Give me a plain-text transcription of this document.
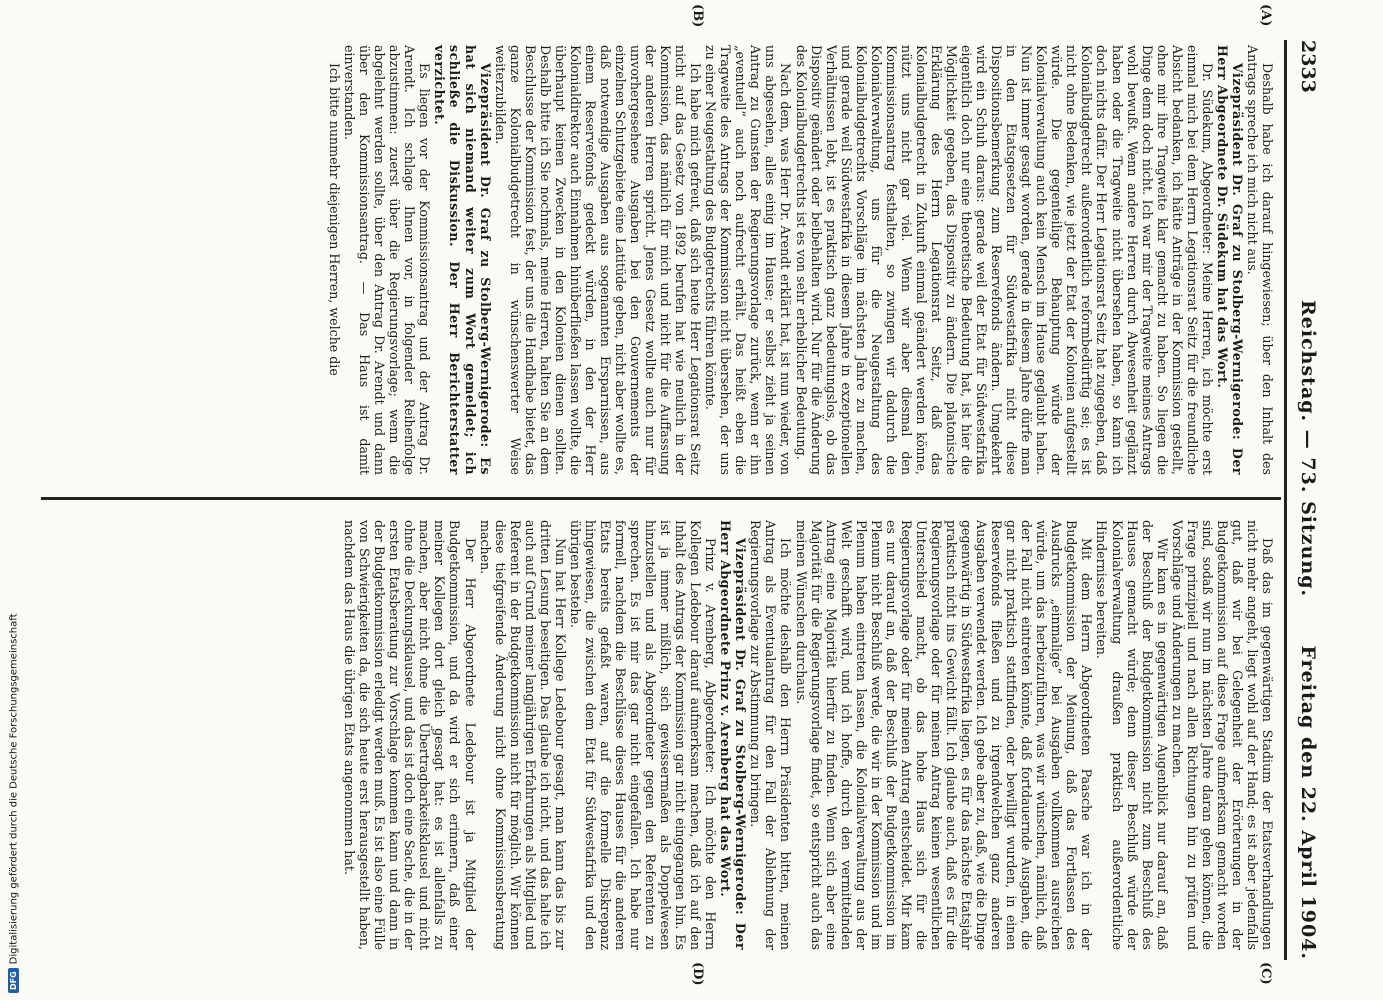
2333
Reichstag. — 73. Sitzung.
Freitag den 22. April 1904.
(A)
(B)
(C)
(D)

Deshalb habe ich darauf hingewiesen; über den Inhalt des Antrags spreche ich mich nicht aus.

Vizepräsident Dr. Graf zu Stolberg-Wernigerode: Der Herr Abgeordnete Dr. Südekum hat das Wort.

Dr. Südekum, Abgeordneter: Meine Herren, ich möchte erst einmal mich bei dem Herrn Legationsrat Seitz für die freundliche Absicht bedanken, ich hätte Anträge in der Kommission gestellt, ohne mir ihre Tragweite klar gemacht zu haben. So liegen die Dinge denn doch nicht. Ich war mir der Tragweite meines Antrags wohl bewußt. Wenn andere Herren durch Abwesenheit geglänzt haben oder die Tragweite nicht übersehen haben, so kann ich doch nichts dafür. Der Herr Legationsrat Seitz hat zugegeben, daß Kolonialbudgetrecht außerordentlich reformbedürftig sei; es ist nicht ohne Bedenken, wie jetzt der Etat der Kolonien aufgestellt würde. Die gegenteilige Behauptung würde der Kolonialverwaltung auch kein Mensch im Hause geglaubt haben. Nun ist immer gesagt worden, gerade in diesem Jahre dürfe man in den Etatsgesetzen für Südwestafrika nicht diese Dispositionsbemerkung zum Reservefonds ändern. Umgekehrt wird ein Schuh daraus: gerade weil der Etat für Südwestafrika eigentlich doch nur eine theoretische Bedeutung hat, ist hier die Möglichkeit gegeben, das Dispositiv zu ändern. Die platonische Erklärung des Herrn Legationsrat Seitz, daß das Kolonialbudgetrecht in Zukunft einmal geändert werden könne, nützt uns nicht gar viel. Wenn wir aber diesmal den Kommissionsantrag festhalten, so zwingen wir dadurch die Kolonialverwaltung, uns für die Neugestaltung des Kolonialbudgetrechts Vorschläge im nächsten Jahre zu machen, und gerade weil Südwestafrika in diesem Jahre in exzeptionellen Verhältnissen lebt, ist es praktisch ganz bedeutungslos, ob das Dispositiv geändert oder beibehalten wird. Nur für die Änderung des Kolonialbudgetrechts ist es von sehr erheblicher Bedeutung.

Nach dem, was Herr Dr. Arendt erklärt hat, ist nun wieder, von uns abgesehen, alles einig im Hause; er selbst zieht ja seinen Antrag zu Gunsten der Regierungsvorlage zurück, wenn er ihn „eventuell“ auch noch aufrecht erhält. Das heißt eben die Tragweite des Antrags der Kommission nicht übersehen, der uns zu einer Neugestaltung des Budgetrechts führen könnte.

Ich habe mich gefreut, daß sich heute Herr Legationsrat Seitz nicht auf das Gesetz von 1892 berufen hat wie neulich in der Kommission, das nämlich für mich und nicht für die Auffassung der anderen Herren spricht. Jenes Gesetz wollte auch nur für unvorhergesehene Ausgaben bei den Gouvernements der einzelnen Schutzgebiete eine Latitüde geben, nicht aber wollte es, daß notwendige Ausgaben aus sogenannten Ersparnissen, aus einem Reservefonds gedeckt würden, in den der Herr Kolonialdirektor auch Einnahmen hinüberfließen lassen wollte, die überhaupt keinen Zwecken in den Kolonien dienen sollten. Deshalb bitte ich Sie nochmals, meine Herren, halten Sie an dem Beschlusse der Kommission fest, der uns die Handhabe bietet, das ganze Kolonialbudgetrecht in wünschenswerter Weise weiterzubilden.

Vizepräsident Dr. Graf zu Stolberg-Wernigerode: Es hat sich niemand weiter zum Wort gemeldet; ich schließe die Diskussion. Der Herr Berichterstatter verzichtet.

Es liegen vor der Kommissionsantrag und der Antrag Dr. Arendt. Ich schlage Ihnen vor, in folgender Reihenfolge abzustimmen: zuerst über die Regierungsvorlage; wenn die abgelehnt werden sollte, über den Antrag Dr. Arendt und dann über den Kommissionsantrag. — Das Haus ist damit einverstanden.

Ich bitte nunmehr diejenigen Herren, welche die

Daß das im gegenwärtigen Stadium der Etatsverhandlungen nicht mehr angeht, liegt wohl auf der Hand; es ist aber jedenfalls gut, daß wir bei Gelegenheit der Erörterungen in der Budgetkommission auf diese Frage aufmerksam gemacht worden sind, sodaß wir nun im nächsten Jahre daran gehen können, die Frage prinzipiell und nach allen Richtungen hin zu prüfen und Vorschläge und Änderungen zu machen.

Wir kam es in gegenwärtigen Augenblick nur darauf an, daß der Beschluß der Budgetkommission nicht zum Beschluß des Hauses gemacht würde; denn dieser Beschluß würde der Kolonialverwaltung draußen praktisch außerordentliche Hindernisse bereiten.

Mit dem Herrn Abgeordneten Paasche war ich in der Budgetkommission der Meinung, daß das Fortlassen des Ausdrucks „einmalige“ bei Ausgaben vollkommen ausreichen würde, um das herbeizuführen, was wir wünschen, nämlich, daß der Fall nicht eintreten könnte, daß fortdauernde Ausgaben, die gar nicht praktisch stattfinden, oder bewilligt wurden, in einen Reservefonds fließen und zu irgendwelchen ganz anderen Ausgaben verwendet werden. Ich gebe aber zu, daß, wie die Dinge gegenwärtig in Südwestafrika liegen, es für das nächste Etatsjahr praktisch nicht ins Gewicht fällt. Ich glaube auch, daß es für die Regierungsvorlage oder für meinen Antrag keinen wesentlichen Unterschied macht, ob das hohe Haus sich für die Regierungsvorlage oder für meinen Antrag entscheidet. Mir kam es nur darauf an, daß der Beschluß der Budgetkommission im Plenum nicht Beschluß werde, die wir in der Kommission und im Plenum haben eintreten lassen, die Kolonialverwaltung aus der Welt geschafft wird, und ich hoffe, durch den vermittelnden Antrag eine Majorität hierfür zu finden. Wenn sich aber eine Majorität für die Regierungsvorlage findet, so entspricht auch das meinen Wünschen durchaus.

Ich möchte deshalb den Herrn Präsidenten bitten, meinen Antrag als Eventualantrag für den Fall der Ablehnung der Regierungsvorlage zur Abstimmung zu bringen.

Vizepräsident Dr. Graf zu Stolberg-Wernigerode: Der Herr Abgeordnete Prinz v. Arenberg hat das Wort.

Prinz v. Arenberg, Abgeordneter: Ich möchte den Herrn Kollegen Ledebour darauf aufmerksam machen, daß ich auf den Inhalt des Antrags der Kommission gar nicht eingegangen bin. Es ist ja immer mißlich, sich gewissermaßen als Doppelwesen hinzustellen und als Abgeordneter gegen den Referenten zu sprechen. Es ist mir das gar nicht eingefallen. Ich habe nur formell, nachdem die Beschlüsse dieses Hauses für die anderen Etats bereits gefaßt waren, auf die formelle Diskrepanz hingewiesen, die zwischen dem Etat für Südwestafrika und den übrigen bestehe.

Nun hat Herr Kollege Ledebour gesagt, man kann das bis zur dritten Lesung beseitigen. Das glaube ich nicht, und das halte ich auch auf Grund meiner langjährigen Erfahrungen als Mitglied und Referent in der Budgetkommission nicht für möglich. Wir können diese tiefgreifende Änderung nicht ohne Kommissionsberatung machen.

Der Herr Abgeordnete Ledebour ist ja Mitglied der Budgetkommission, und da wird er sich erinnern, daß einer meiner Kollegen dort gleich gesagt hat: es ist allenfalls zu machen, aber nicht ohne die Übertragbarkeitsklausel und nicht ohne die Deckungsklausel, und das ist doch eine Sache, die in der ersten Etatsberatung zur Vorschlage kommen kann und dann in der Budgetkommission erledigt werden muß. Es ist also eine Fülle von Schwierigkeiten da, die sich heute erst herausgestellt haben, nachdem das Haus die übrigen Etats angenommen hat.

DFGDigitalisierung gefördert durch die Deutsche Forschungsgemeinschaft
